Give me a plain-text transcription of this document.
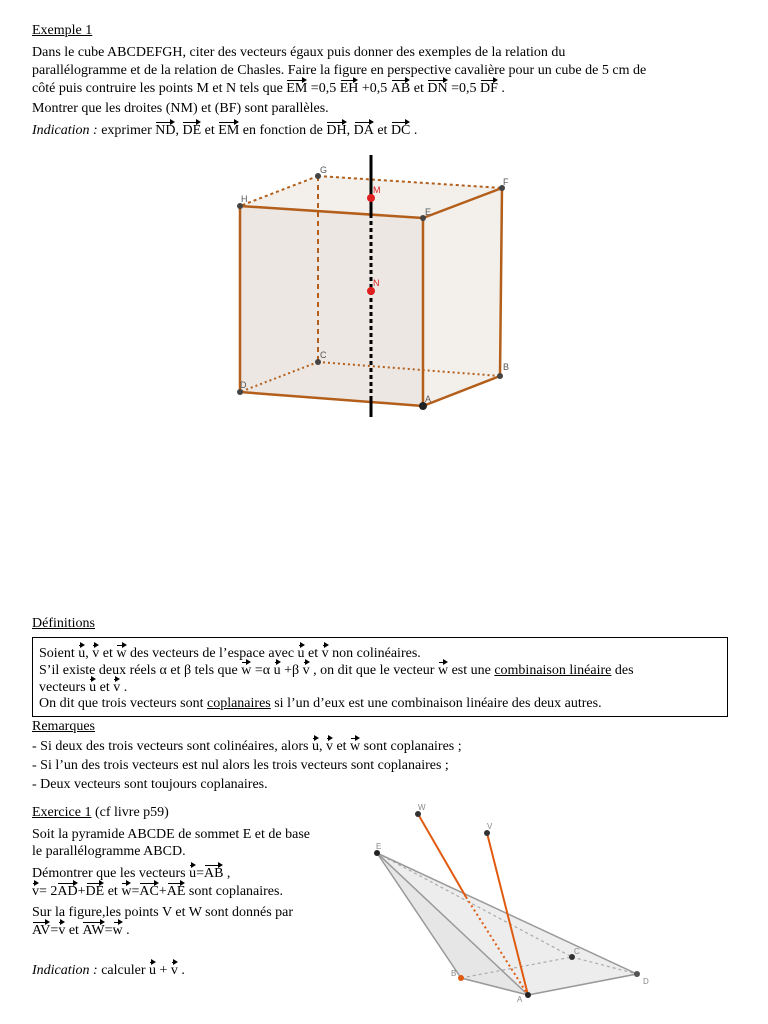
Exemple 1
Dans le cube ABCDEFGH, citer des vecteurs égaux puis donner des exemples de la relation du
parallélogramme et de la relation de Chasles. Faire la figure en perspective cavalière pour un cube de 5 cm de
côté puis contruire les points M et N tels que EM =0,5 EH +0,5 AB et DN =0,5 DF .
Montrer que les droites (NM) et (BF) sont parallèles.
Indication : exprimer ND, DE et EM en fonction de DH, DA et DC .
G
F
H
E
M
N
C
B
D
A
Définitions
Soient u, v et w des vecteurs de l’espace avec u et v non colinéaires.
S’il existe deux réels α et β tels que w =α u +β v , on dit que le vecteur w est une combinaison linéaire des
vecteurs u et v .
On dit que trois vecteurs sont coplanaires si l’un d’eux est une combinaison linéaire des deux autres.
Remarques
- Si deux des trois vecteurs sont colinéaires, alors u, v et w sont coplanaires ;
- Si l’un des trois vecteurs est nul alors les trois vecteurs sont coplanaires ;
- Deux vecteurs sont toujours coplanaires.
Exercice 1 (cf livre p59)
Soit la pyramide ABCDE de sommet E et de base
le parallélogramme ABCD.
Démontrer que les vecteurs u=AB ,
v= 2AD+DE et w=AC+AE sont coplanaires.
Sur la figure,les points V et W sont donnés par
AV=v et AW=w .
Indication : calculer u + v .
W
V
E
C
B
D
A
